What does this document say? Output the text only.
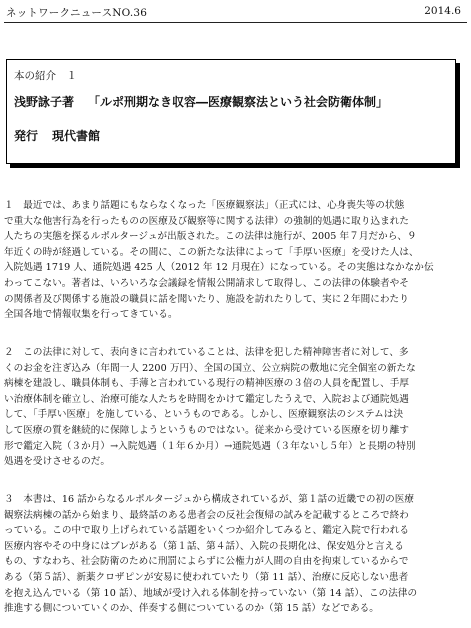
ネットワークニュースNO.36	2014.6
本の紹介　１
浅野詠子著 「ルポ刑期なき収容―医療観察法という社会防衛体制」
発行 現代書館

１　最近では、あまり話題にもならなくなった「医療観察法」（正式には、心身喪失等の状態

で重大な他害行為を行ったものの医療及び観察等に関する法律）の強制的処遇に取り込まれた

人たちの実態を探るルポルタージュが出版された。この法律は施行が、2005 年７月だから、９

年近くの時が経過している。その間に、この新たな法律によって「手厚い医療」を受けた人は、

入院処遇 1719 人、通院処遇 425 人（2012 年 12 月現在）になっている。その実態はなかなか伝

わってこない。著者は、いろいろな会議録を情報公開請求して取得し、この法律の体験者やそ

の関係者及び関係する施設の職員に話を聞いたり、施設を訪れたりして、実に２年間にわたり

全国各地で情報収集を行ってきている。

２　この法律に対して、表向きに言われていることは、法律を犯した精神障害者に対して、多

くのお金を注ぎ込み（年間一人 2200 万円）、全国の国立、公立病院の敷地に完全個室の新たな

病棟を建設し、職員体制も、手薄と言われている現行の精神医療の３倍の人員を配置し、手厚

い治療体制を確立し、治療可能な人たちを時間をかけて鑑定したうえで、入院および通院処遇

して、「手厚い医療」を施している、というものである。しかし、医療観察法のシステムは決

して医療の質を継続的に保障しようというものではない。従来から受けている医療を切り離す

形で鑑定入院（３か月）→入院処遇（１年６か月）→通院処遇（３年ないし５年）と長期の特別

処遇を受けさせるのだ。

３　本書は、16 話からなるルポルタージュから構成されているが、第１話の近畿での初の医療

観察法病棟の話から始まり、最終話のある患者会の反社会復帰の試みを記載するところで終わ

っている。この中で取り上げられている話題をいくつか紹介してみると、鑑定入院で行われる

医療内容やその中身にはブレがある（第１話、第４話）、入院の長期化は、保安処分と言える

もの、すなわち、社会防衛のために刑罰によらずに公権力が人間の自由を拘束しているからで

ある（第５話）、新薬クロザピンが安易に使われていたり（第 11 話）、治療に反応しない患者

を抱え込んでいる（第 10 話）、地域が受け入れる体制を持っていない（第 14 話）、この法律の

推進する側についていくのか、伴奏する側についているのか（第 15 話）などである。
